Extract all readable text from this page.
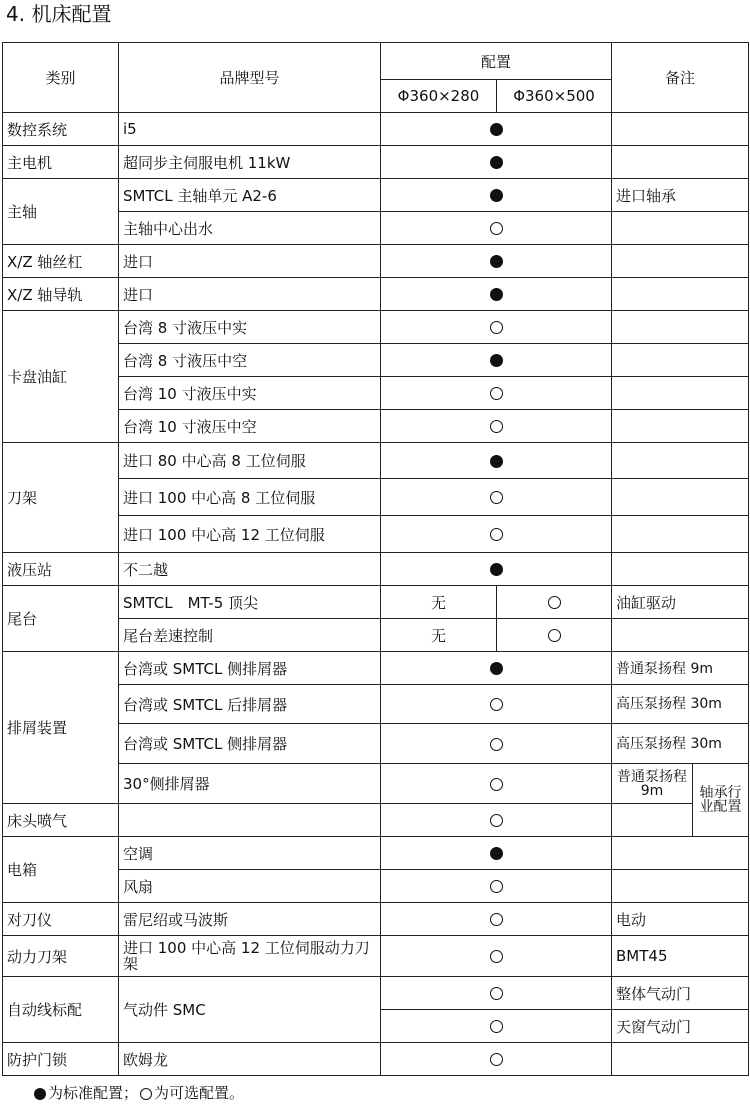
4. 机床配置
类别	品牌型号	配置		备注	
		Φ360×280	Φ360×500		
数控系统	i5				
主电机	超同步主伺服电机 11kW				
主轴	SMTCL 主轴单元 A2-6			进口轴承	
	主轴中心出水				
X/Z 轴丝杠	进口				
X/Z 轴导轨	进口				
卡盘油缸	台湾 8 寸液压中实				
	台湾 8 寸液压中空				
	台湾 10 寸液压中实				
	台湾 10 寸液压中空				
刀架	进口 80 中心高 8 工位伺服				
	进口 100 中心高 8 工位伺服				
	进口 100 中心高 12 工位伺服				
液压站	不二越				
尾台	SMTCL　MT-5 顶尖	无		油缸驱动	
	尾台差速控制	无			
排屑装置	台湾或 SMTCL 侧排屑器			普通泵扬程 9m	
	台湾或 SMTCL 后排屑器			高压泵扬程 30m	
	台湾或 SMTCL 侧排屑器			高压泵扬程 30m	
	30°侧排屑器			普通泵扬程 9m	轴承行业配置
床头喷气					
电箱	空调				
	风扇				
对刀仪	雷尼绍或马波斯			电动	
动力刀架	进口 100 中心高 12 工位伺服动力刀架			BMT45	
自动线标配	气动件 SMC			整体气动门	
				天窗气动门	
防护门锁	欧姆龙				
为标准配置； 为可选配置。
